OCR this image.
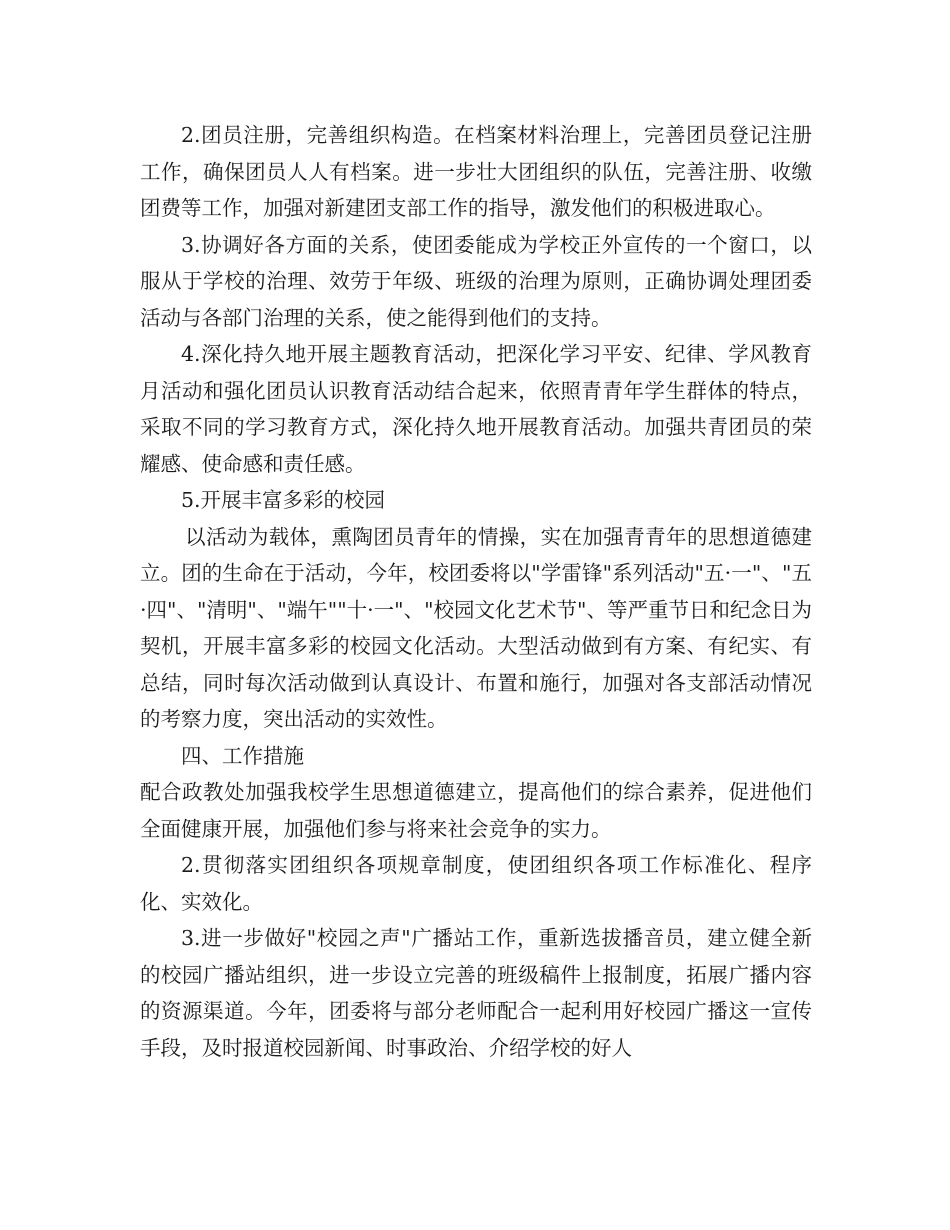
2.团员注册，完善组织构造。在档案材料治理上，完善团员登记注册工作，确保团员人人有档案。进一步壮大团组织的队伍，完善注册、收缴团费等工作，加强对新建团支部工作的指导，激发他们的积极进取心。

3.协调好各方面的关系，使团委能成为学校正外宣传的一个窗口，以服从于学校的治理、效劳于年级、班级的治理为原则，正确协调处理团委活动与各部门治理的关系，使之能得到他们的支持。

4.深化持久地开展主题教育活动，把深化学习平安、纪律、学风教育月活动和强化团员认识教育活动结合起来，依照青青年学生群体的特点，采取不同的学习教育方式，深化持久地开展教育活动。加强共青团员的荣耀感、使命感和责任感。

5.开展丰富多彩的校园

以活动为载体，熏陶团员青年的情操，实在加强青青年的思想道德建立。团的生命在于活动，今年，校团委将以"学雷锋"系列活动"五·一"、"五·四"、"清明"、"端午""十·一"、"校园文化艺术节"、等严重节日和纪念日为契机，开展丰富多彩的校园文化活动。大型活动做到有方案、有纪实、有总结，同时每次活动做到认真设计、布置和施行，加强对各支部活动情况的考察力度，突出活动的实效性。

四、工作措施

配合政教处加强我校学生思想道德建立，提高他们的综合素养，促进他们全面健康开展，加强他们参与将来社会竞争的实力。

2.贯彻落实团组织各项规章制度，使团组织各项工作标准化、程序化、实效化。

3.进一步做好"校园之声"广播站工作，重新选拔播音员，建立健全新的校园广播站组织，进一步设立完善的班级稿件上报制度，拓展广播内容的资源渠道。今年，团委将与部分老师配合一起利用好校园广播这一宣传手段，及时报道校园新闻、时事政治、介绍学校的好人
